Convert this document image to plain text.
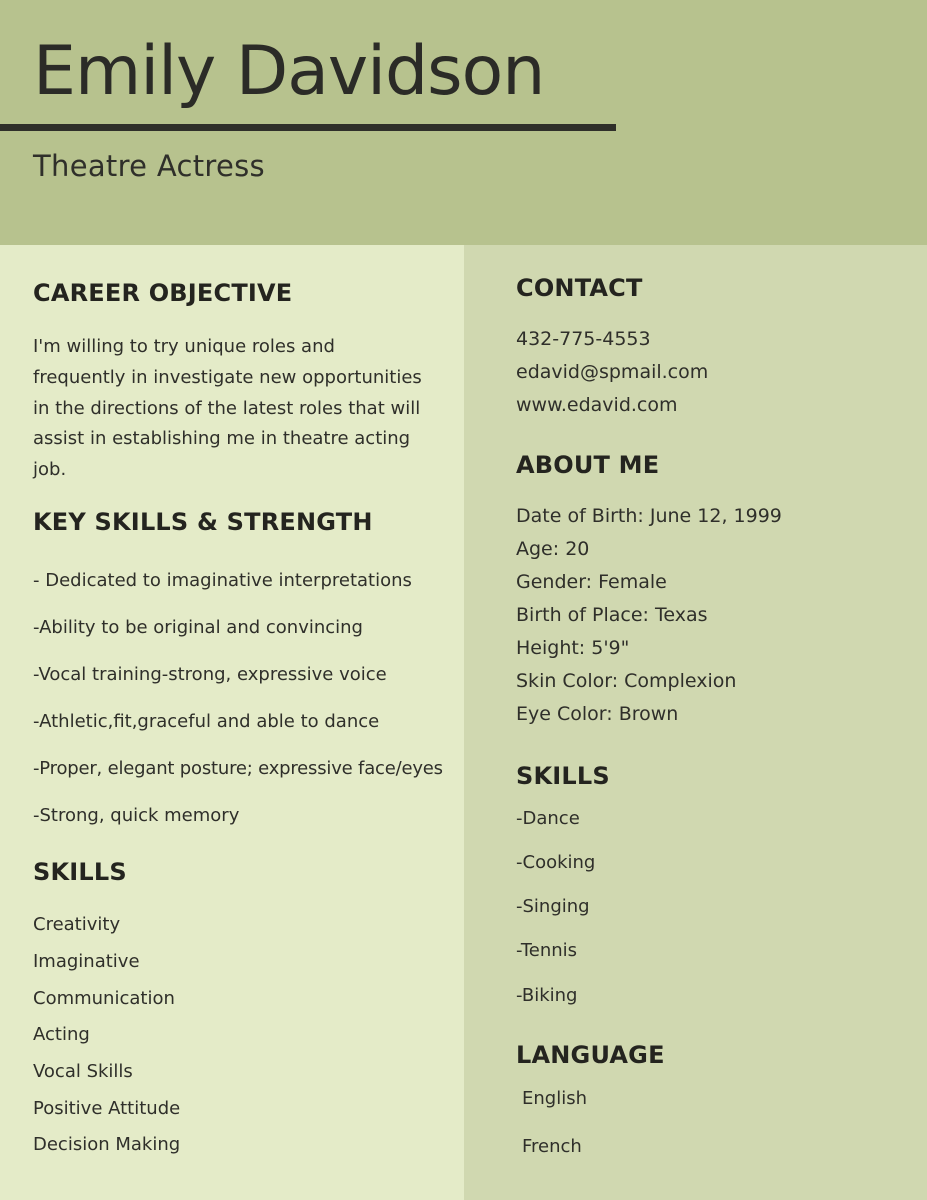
Emily Davidson

Theatre Actress

CAREER OBJECTIVE
I'm willing to try unique roles and
frequently in investigate new opportunities
in the directions of the latest roles that will
assist in establishing me in theatre acting
job.
KEY SKILLS & STRENGTH

- Dedicated to imaginative interpretations

-Ability to be original and convincing

-Vocal training-strong, expressive voice

-Athletic,fit,graceful and able to dance

-Proper, elegant posture; expressive face/eyes

-Strong, quick memory

SKILLS

Creativity

Imaginative

Communication

Acting

Vocal Skills

Positive Attitude

Decision Making

CONTACT

432-775-4553

edavid@spmail.com

www.edavid.com

ABOUT ME

Date of Birth: June 12, 1999

Age: 20

Gender: Female

Birth of Place: Texas

Height: 5'9"

Skin Color: Complexion

Eye Color: Brown

SKILLS

-Dance

-Cooking

-Singing

-Tennis

-Biking

LANGUAGE

English

French
